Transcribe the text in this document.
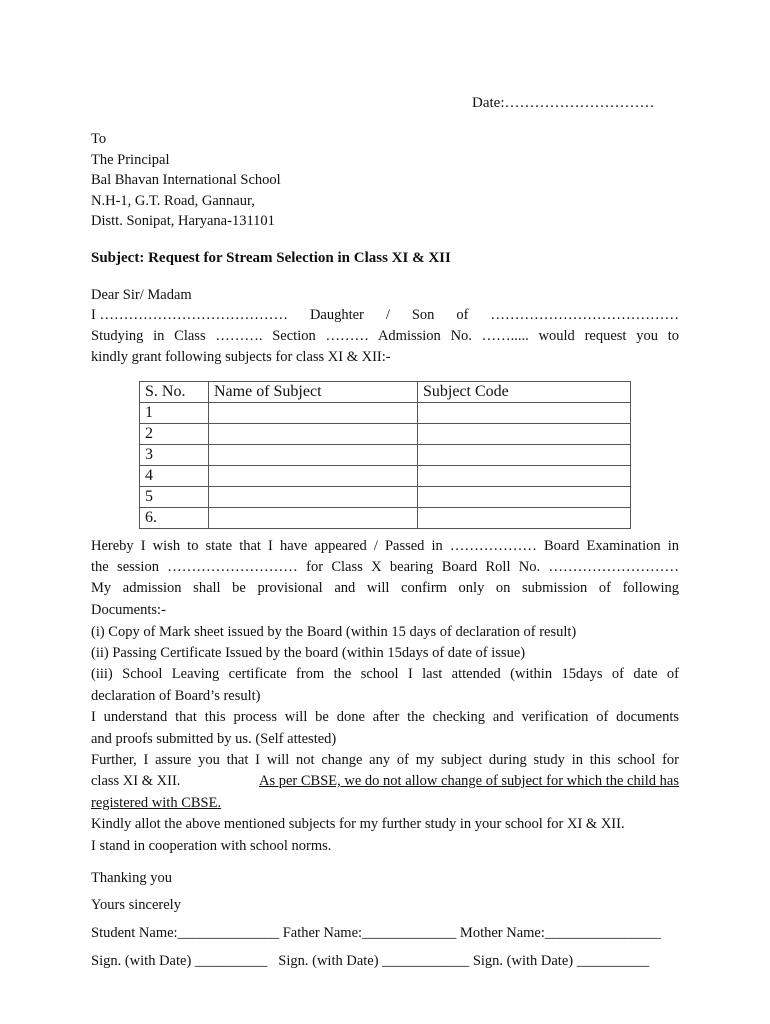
Date:…………………………
To
The Principal
Bal Bhavan International School
N.H-1, G.T. Road, Gannaur,
Distt. Sonipat, Haryana-131101
Subject: Request for Stream Selection in Class XI & XII
Dear Sir/ Madam
I ………………………………… Daughter / Son of …………………………………
Studying in Class ………. Section ……… Admission No. ……..... would request you to
kindly grant following subjects for class XI & XII:-
S. No.	Name of Subject	Subject Code
1		
2		
3		
4		
5		
6.		
Hereby I wish to state that I have appeared / Passed in ……………… Board Examination in
the session ……………………… for Class X bearing Board Roll No. ………………………
My admission shall be provisional and will confirm only on submission of following
Documents:-
(i) Copy of Mark sheet issued by the Board (within 15 days of declaration of result)
(ii) Passing Certificate Issued by the board (within 15days of date of issue)
(iii) School Leaving certificate from the school I last attended (within 15days of date of
declaration of Board’s result)
I understand that this process will be done after the checking and verification of documents
and proofs submitted by us. (Self attested)
Further, I assure you that I will not change any of my subject during study in this school for
class XI & XII.	As per CBSE, we do not allow change of subject for which the child has
registered with CBSE.
Kindly allot the above mentioned subjects for my further study in your school for XI & XII.
I stand in cooperation with school norms.
Thanking you
Yours sincerely
Student Name:______________ Father Name:_____________ Mother Name:________________
Sign. (with Date) __________ Sign. (with Date) ____________ Sign. (with Date) __________
